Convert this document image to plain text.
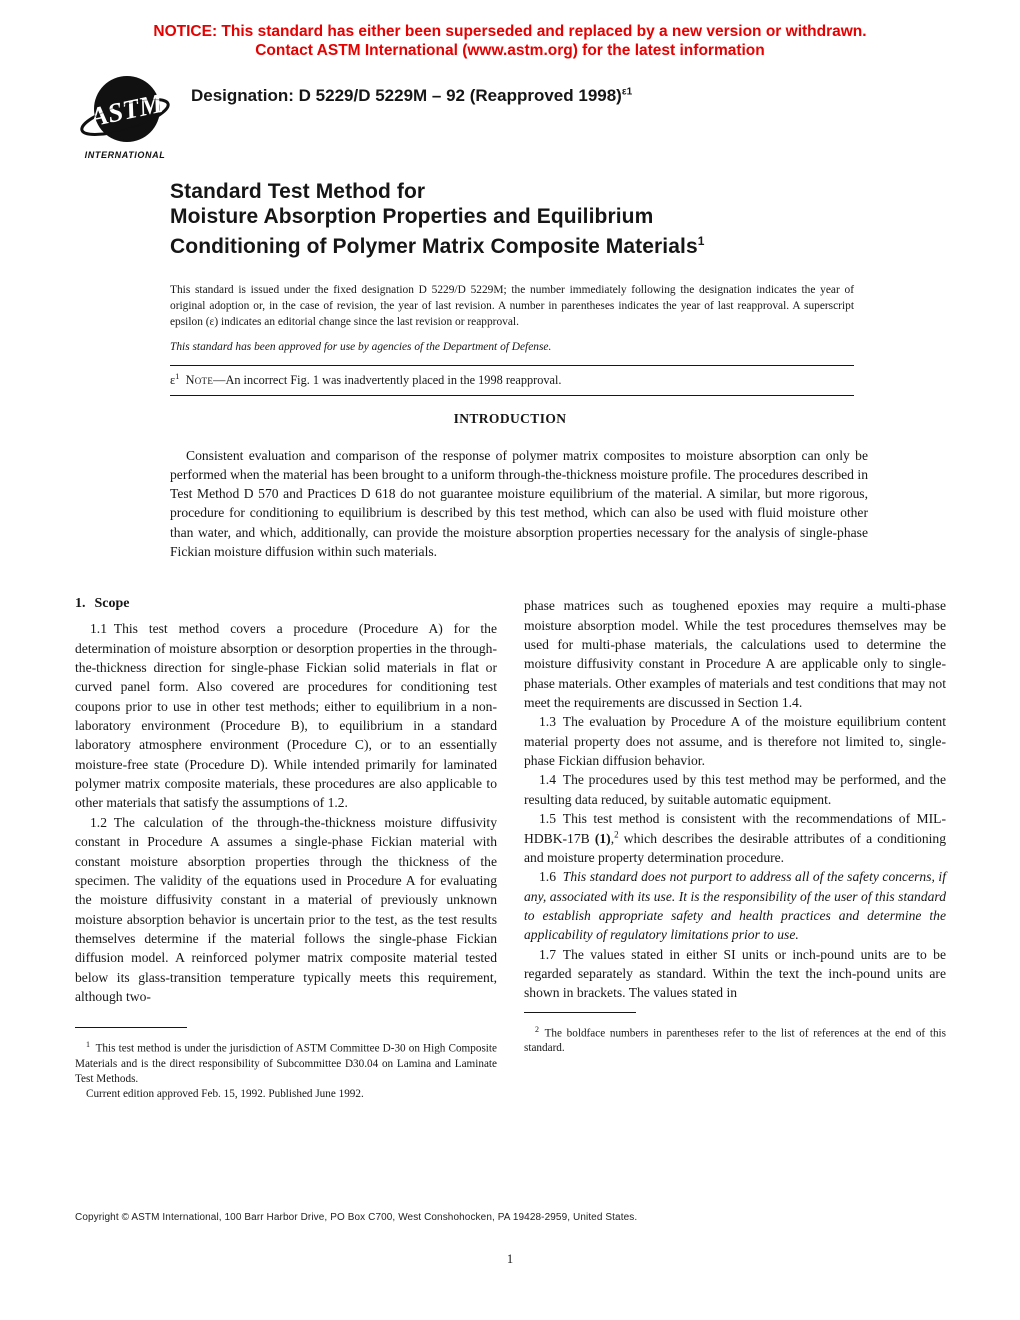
NOTICE: This standard has either been superseded and replaced by a new version or withdrawn.
Contact ASTM International (www.astm.org) for the latest information
ASTM
INTERNATIONAL
Designation: D 5229/D 5229M – 92 (Reapproved 1998)$^{\varepsilon 1}$
Standard Test Method for
Moisture Absorption Properties and Equilibrium
Conditioning of Polymer Matrix Composite Materials$^1$
This standard is issued under the fixed designation D 5229/D 5229M; the number immediately following the designation indicates the year of original adoption or, in the case of revision, the year of last revision. A number in parentheses indicates the year of last reapproval. A superscript epsilon (ε) indicates an editorial change since the last revision or reapproval.
This standard has been approved for use by agencies of the Department of Defense.
$\varepsilon^1$ Note—An incorrect Fig. 1 was inadvertently placed in the 1998 reapproval.
INTRODUCTION
Consistent evaluation and comparison of the response of polymer matrix composites to moisture absorption can only be performed when the material has been brought to a uniform through-the-thickness moisture profile. The procedures described in Test Method D 570 and Practices D 618 do not guarantee moisture equilibrium of the material. A similar, but more rigorous, procedure for conditioning to equilibrium is described by this test method, which can also be used with fluid moisture other than water, and which, additionally, can provide the moisture absorption properties necessary for the analysis of single-phase Fickian moisture diffusion within such materials.
1. Scope
1.1 This test method covers a procedure (Procedure A) for the determination of moisture absorption or desorption properties in the through-the-thickness direction for single-phase Fickian solid materials in flat or curved panel form. Also covered are procedures for conditioning test coupons prior to use in other test methods; either to equilibrium in a non-laboratory environment (Procedure B), to equilibrium in a standard laboratory atmosphere environment (Procedure C), or to an essentially moisture-free state (Procedure D). While intended primarily for laminated polymer matrix composite materials, these procedures are also applicable to other materials that satisfy the assumptions of 1.2.
1.2 The calculation of the through-the-thickness moisture diffusivity constant in Procedure A assumes a single-phase Fickian material with constant moisture absorption properties through the thickness of the specimen. The validity of the equations used in Procedure A for evaluating the moisture diffusivity constant in a material of previously unknown moisture absorption behavior is uncertain prior to the test, as the test results themselves determine if the material follows the single-phase Fickian diffusion model. A reinforced polymer matrix composite material tested below its glass-transition temperature typically meets this requirement, although two-
$^1$ This test method is under the jurisdiction of ASTM Committee D-30 on High Composite Materials and is the direct responsibility of Subcommittee D30.04 on Lamina and Laminate Test Methods.
Current edition approved Feb. 15, 1992. Published June 1992.
phase matrices such as toughened epoxies may require a multi-phase moisture absorption model. While the test procedures themselves may be used for multi-phase materials, the calculations used to determine the moisture diffusivity constant in Procedure A are applicable only to single-phase materials. Other examples of materials and test conditions that may not meet the requirements are discussed in Section 1.4.
1.3 The evaluation by Procedure A of the moisture equilibrium content material property does not assume, and is therefore not limited to, single-phase Fickian diffusion behavior.
1.4 The procedures used by this test method may be performed, and the resulting data reduced, by suitable automatic equipment.
1.5 This test method is consistent with the recommendations of MIL-HDBK-17B (1),$^2$ which describes the desirable attributes of a conditioning and moisture property determination procedure.
1.6 This standard does not purport to address all of the safety concerns, if any, associated with its use. It is the responsibility of the user of this standard to establish appropriate safety and health practices and determine the applicability of regulatory limitations prior to use.
1.7 The values stated in either SI units or inch-pound units are to be regarded separately as standard. Within the text the inch-pound units are shown in brackets. The values stated in
$^2$ The boldface numbers in parentheses refer to the list of references at the end of this standard.
Copyright © ASTM International, 100 Barr Harbor Drive, PO Box C700, West Conshohocken, PA 19428-2959, United States.
1
